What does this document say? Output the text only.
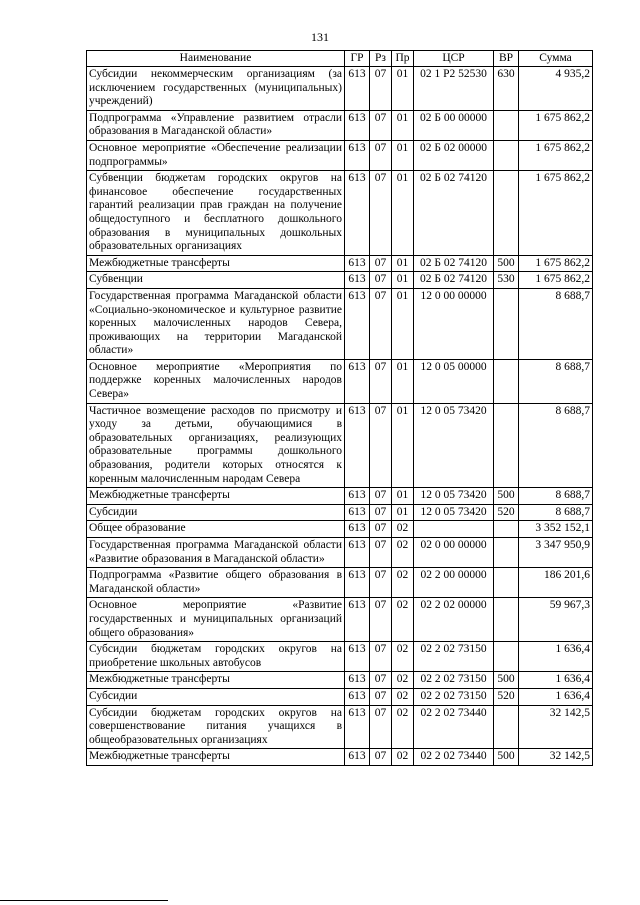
131
Наименование	ГР	Рз	Пр	ЦСР	ВР	Сумма
Субсидии некоммерческим организациям (за исключением государственных (муниципальных) учреждений)	613	07	01	02 1 Р2 52530	630	4 935,2
Подпрограмма «Управление развитием отрасли образования в Магаданской области»	613	07	01	02 Б 00 00000		1 675 862,2
Основное мероприятие «Обеспечение реализации подпрограммы»	613	07	01	02 Б 02 00000		1 675 862,2
Субвенции бюджетам городских округов на финансовое обеспечение государственных гарантий реализации прав граждан на получение общедоступного и бесплатного дошкольного образования в муниципальных дошкольных образовательных организациях	613	07	01	02 Б 02 74120		1 675 862,2
Межбюджетные трансферты	613	07	01	02 Б 02 74120	500	1 675 862,2
Субвенции	613	07	01	02 Б 02 74120	530	1 675 862,2
Государственная программа Магаданской области «Социально-экономическое и культурное развитие коренных малочисленных народов Севера, проживающих на территории Магаданской области»	613	07	01	12 0 00 00000		8 688,7
Основное мероприятие «Мероприятия по поддержке коренных малочисленных народов Севера»	613	07	01	12 0 05 00000		8 688,7
Частичное возмещение расходов по присмотру и уходу за детьми, обучающимися в образовательных организациях, реализующих образовательные программы дошкольного образования, родители которых относятся к коренным малочисленным народам Севера	613	07	01	12 0 05 73420		8 688,7
Межбюджетные трансферты	613	07	01	12 0 05 73420	500	8 688,7
Субсидии	613	07	01	12 0 05 73420	520	8 688,7
Общее образование	613	07	02			3 352 152,1
Государственная программа Магаданской области «Развитие образования в Магаданской области»	613	07	02	02 0 00 00000		3 347 950,9
Подпрограмма «Развитие общего образования в Магаданской области»	613	07	02	02 2 00 00000		186 201,6
Основное мероприятие «Развитие государственных и муниципальных организаций общего образования»	613	07	02	02 2 02 00000		59 967,3
Субсидии бюджетам городских округов на приобретение школьных автобусов	613	07	02	02 2 02 73150		1 636,4
Межбюджетные трансферты	613	07	02	02 2 02 73150	500	1 636,4
Субсидии	613	07	02	02 2 02 73150	520	1 636,4
Субсидии бюджетам городских округов на совершенствование питания учащихся в общеобразовательных организациях	613	07	02	02 2 02 73440		32 142,5
Межбюджетные трансферты	613	07	02	02 2 02 73440	500	32 142,5
